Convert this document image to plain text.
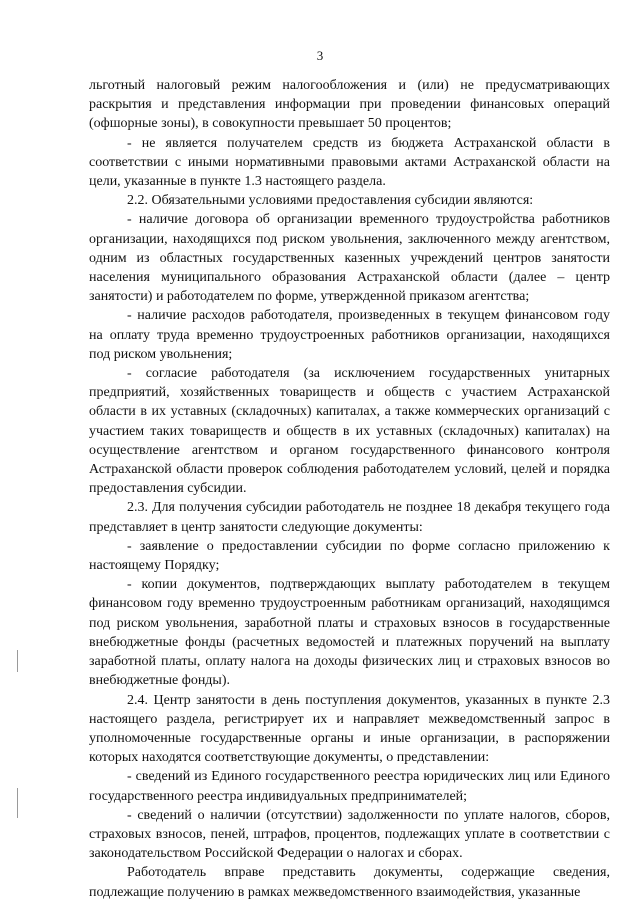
3

льготный налоговый режим налогообложения и (или) не предусматривающих раскрытия и представления информации при проведении финансовых операций (офшорные зоны), в совокупности превышает 50 процентов;

- не является получателем средств из бюджета Астраханской области в соответствии с иными нормативными правовыми актами Астраханской области на цели, указанные в пункте 1.3 настоящего раздела.

2.2. Обязательными условиями предоставления субсидии являются:

- наличие договора об организации временного трудоустройства работников организации, находящихся под риском увольнения, заключенного между агентством, одним из областных государственных казенных учреждений центров занятости населения муниципального образования Астраханской области (далее – центр занятости) и работодателем по форме, утвержденной приказом агентства;

- наличие расходов работодателя, произведенных в текущем финансовом году на оплату труда временно трудоустроенных работников организации, находящихся под риском увольнения;

- согласие работодателя (за исключением государственных унитарных предприятий, хозяйственных товариществ и обществ с участием Астраханской области в их уставных (складочных) капиталах, а также коммерческих организаций с участием таких товариществ и обществ в их уставных (складочных) капиталах) на осуществление агентством и органом государственного финансового контроля Астраханской области проверок соблюдения работодателем условий, целей и порядка предоставления субсидии.

2.3. Для получения субсидии работодатель не позднее 18 декабря текущего года представляет в центр занятости следующие документы:

- заявление о предоставлении субсидии по форме согласно приложению к настоящему Порядку;

- копии документов, подтверждающих выплату работодателем в текущем финансовом году временно трудоустроенным работникам организаций, находящимся под риском увольнения, заработной платы и страховых взносов в государственные внебюджетные фонды (расчетных ведомостей и платежных поручений на выплату заработной платы, оплату налога на доходы физических лиц и страховых взносов во внебюджетные фонды).

2.4. Центр занятости в день поступления документов, указанных в пункте 2.3 настоящего раздела, регистрирует их и направляет межведомственный запрос в уполномоченные государственные органы и иные организации, в распоряжении которых находятся соответствующие документы, о представлении:

- сведений из Единого государственного реестра юридических лиц или Единого государственного реестра индивидуальных предпринимателей;

- сведений о наличии (отсутствии) задолженности по уплате налогов, сборов, страховых взносов, пеней, штрафов, процентов, подлежащих уплате в соответствии с законодательством Российской Федерации о налогах и сборах.

Работодатель вправе представить документы, содержащие сведения, подлежащие получению в рамках межведомственного взаимодействия, указанные
